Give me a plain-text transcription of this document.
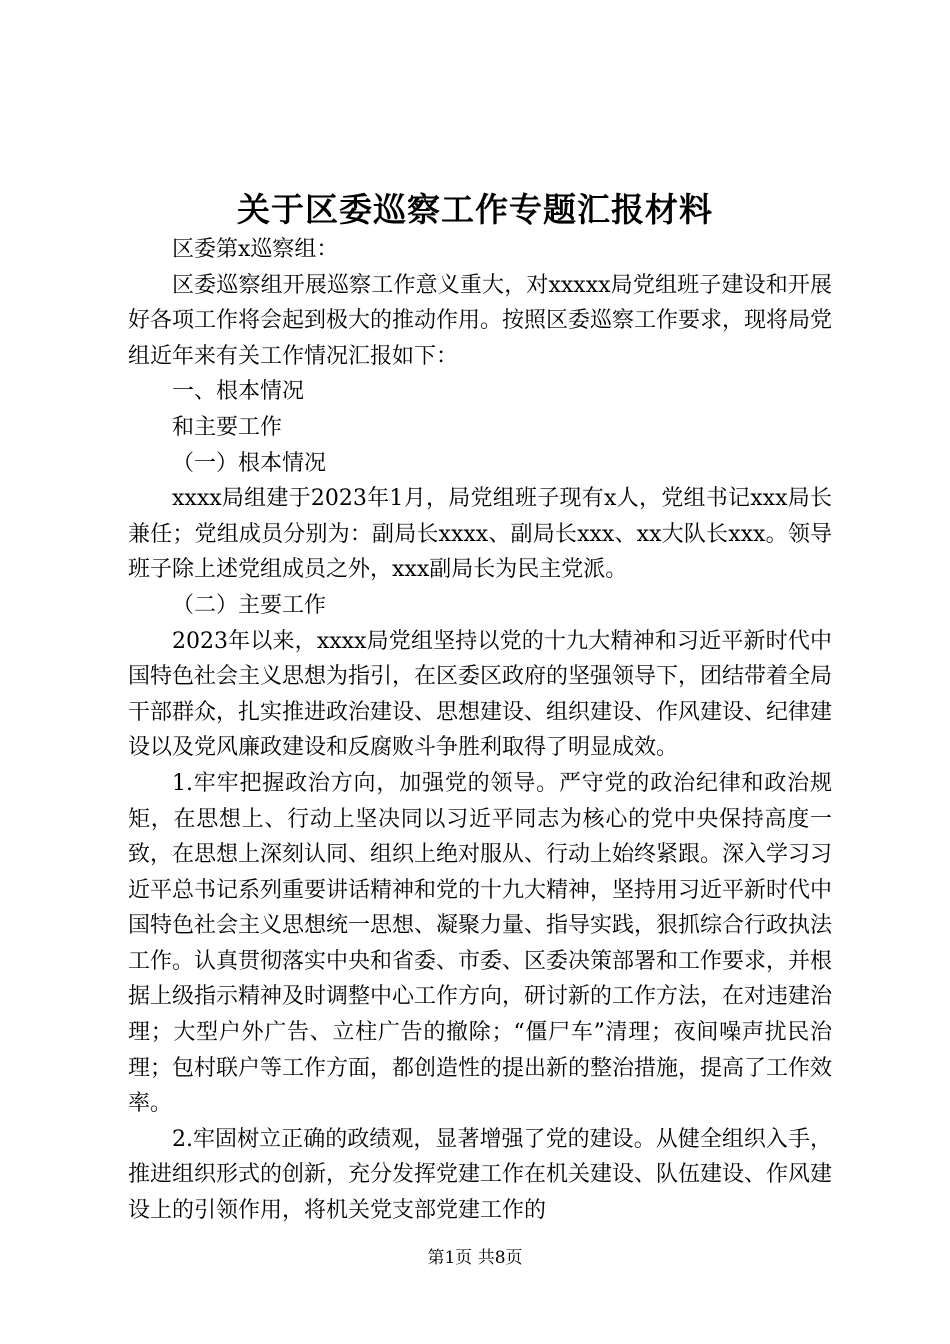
关于区委巡察工作专题汇报材料

区委第x巡察组：

区委巡察组开展巡察工作意义重大，对xxxxx局党组班子建设和开展好各项工作将会起到极大的推动作用。按照区委巡察工作要求，现将局党组近年来有关工作情况汇报如下：

一、根本情况

和主要工作

（一）根本情况

xxxx局组建于2023年1月，局党组班子现有x人，党组书记xxx局长兼任；党组成员分别为：副局长xxxx、副局长xxx、xx大队长xxx。领导班子除上述党组成员之外，xxx副局长为民主党派。

（二）主要工作

2023年以来，xxxx局党组坚持以党的十九大精神和习近平新时代中国特色社会主义思想为指引，在区委区政府的坚强领导下，团结带着全局干部群众，扎实推进政治建设、思想建设、组织建设、作风建设、纪律建设以及党风廉政建设和反腐败斗争胜利取得了明显成效。

1.牢牢把握政治方向，加强党的领导。严守党的政治纪律和政治规矩，在思想上、行动上坚决同以习近平同志为核心的党中央保持高度一致，在思想上深刻认同、组织上绝对服从、行动上始终紧跟。深入学习习近平总书记系列重要讲话精神和党的十九大精神，坚持用习近平新时代中国特色社会主义思想统一思想、凝聚力量、指导实践，狠抓综合行政执法工作。认真贯彻落实中央和省委、市委、区委决策部署和工作要求，并根据上级指示精神及时调整中心工作方向，研讨新的工作方法，在对违建治理；大型户外广告、立柱广告的撤除；“僵尸车”清理；夜间噪声扰民治理；包村联户等工作方面，都创造性的提出新的整治措施，提高了工作效率。

2.牢固树立正确的政绩观，显著增强了党的建设。从健全组织入手，推进组织形式的创新，充分发挥党建工作在机关建设、队伍建设、作风建设上的引领作用，将机关党支部党建工作的

第1页 共8页
